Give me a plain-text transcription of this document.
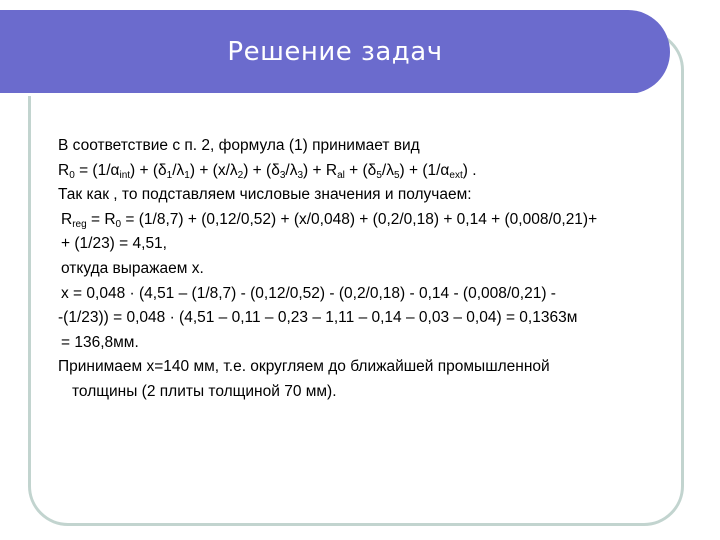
Решение задач
В соответствие с п. 2, формула (1) принимает вид
$R_0 = (1/\alpha_{int}) + (\delta_1/\lambda_1) + (x/\lambda_2) + (\delta_3/\lambda_3) + R_{al} + (\delta_5/\lambda_5) + (1/\alpha_{ext})$ .
Так как , то подставляем числовые значения и получаем:
$R_{reg} = R_0 = (1/8,7) + (0,12/0,52) + (x/0,048) + (0,2/0,18) + 0,14 + (0,008/0,21)+$
+ (1/23) = 4,51,
откуда выражаем x.
x = 0,048 · (4,51 – (1/8,7) - (0,12/0,52) - (0,2/0,18) - 0,14 - (0,008/0,21) -
-(1/23)) = 0,048 · (4,51 – 0,11 – 0,23 – 1,11 – 0,14 – 0,03 – 0,04) = 0,1363м
= 136,8мм.
Принимаем x=140 мм, т.е. округляем до ближайшей промышленной
толщины (2 плиты толщиной 70 мм).
